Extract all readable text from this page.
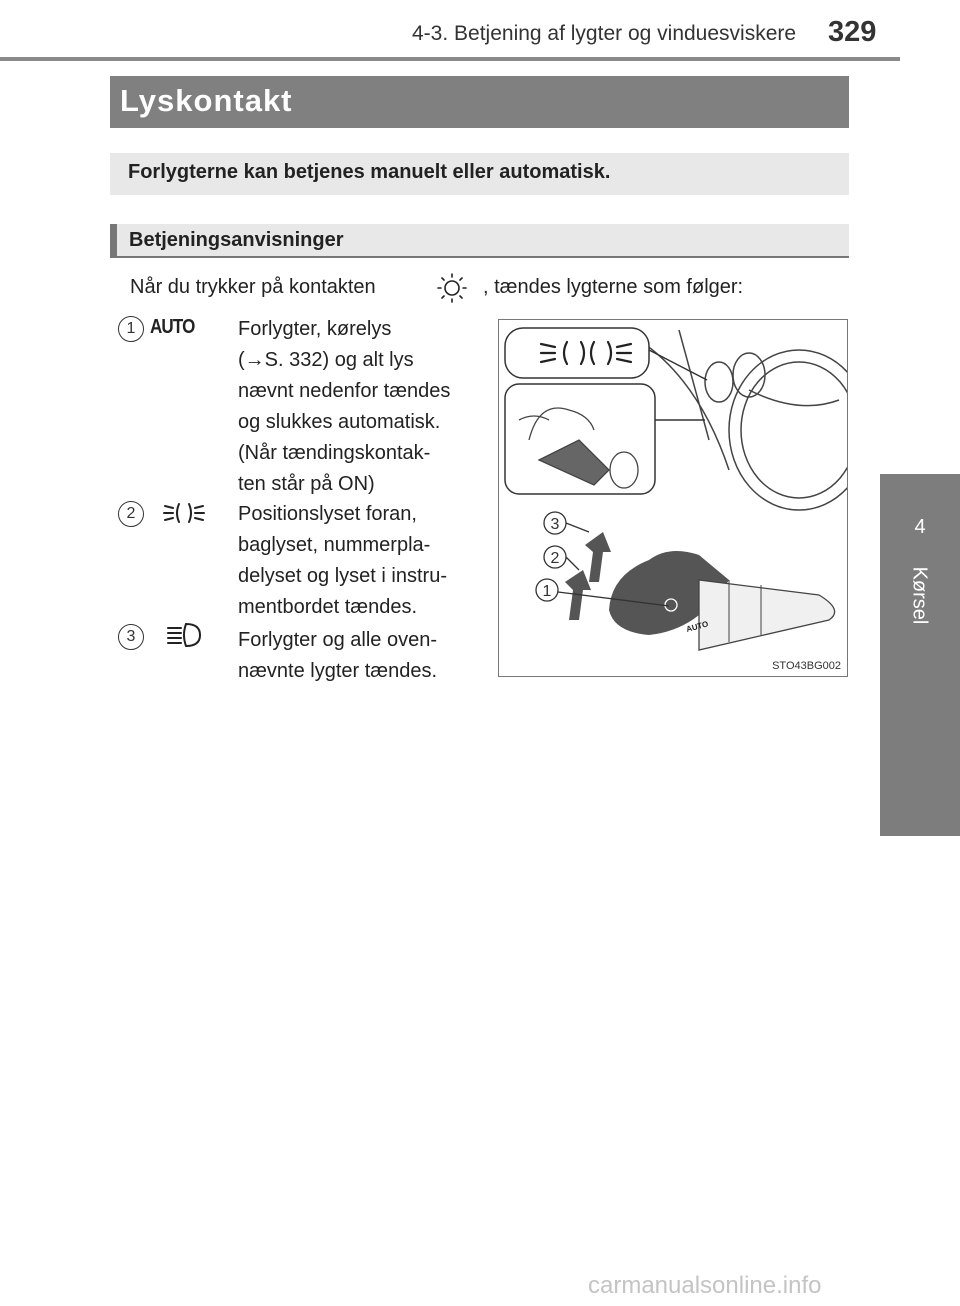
4-3. Betjening af lygter og vinduesviskere 329
4
Kørsel
Lyskontakt
Forlygterne kan betjenes manuelt eller automatisk.
Betjeningsanvisninger
Når du trykker på kontakten	, tændes lygterne som følger:
1 AUTO Forlygter, kørelys
(→S. 332) og alt lys
nævnt nedenfor tændes
og slukkes automatisk.
(Når tændingskontak-
ten står på ON)
2	Positionslyset foran,
baglyset, nummerpla-
delyset og lyset i instru-
mentbordet tændes.
3	Forlygter og alle oven-
nævnte lygter tændes.
3
2
1
AUTO
STO43BG002
carmanualsonline.info
